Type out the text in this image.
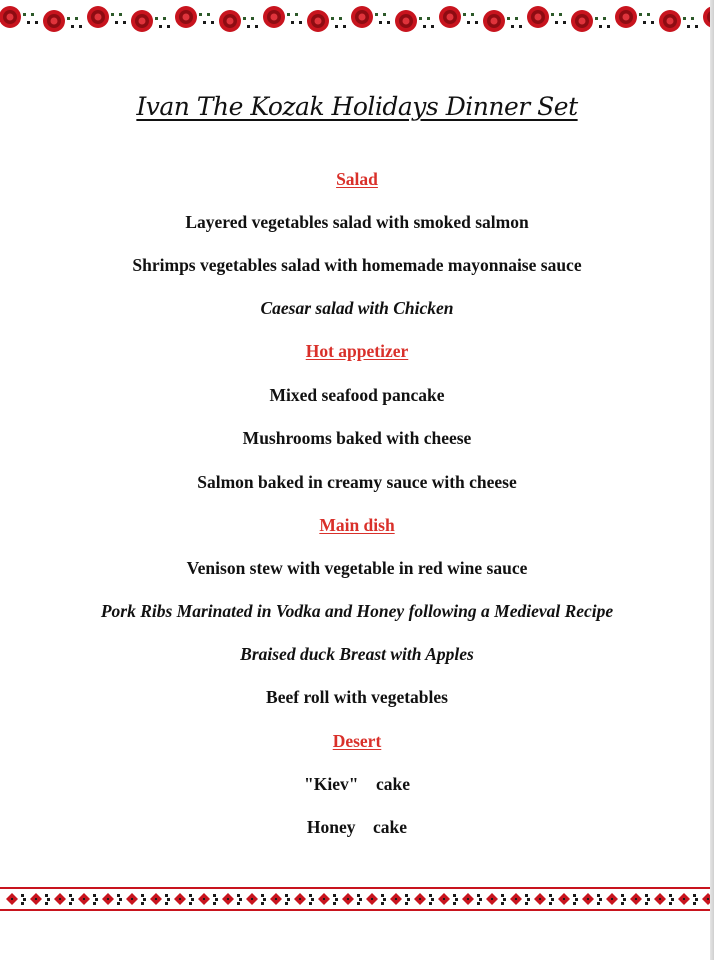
Ivan The Kozak Holidays Dinner Set
Salad
Layered vegetables salad with smoked salmon
Shrimps vegetables salad with homemade mayonnaise sauce
Caesar salad with Chicken
Hot appetizer
Mixed seafood pancake
Mushrooms baked with cheese
Salmon baked in creamy sauce with cheese
Main dish
Venison stew with vegetable in red wine sauce
Pork Ribs Marinated in Vodka and Honey following a Medieval Recipe
Braised duck Breast with Apples
Beef roll with vegetables
Desert
"Kiev"    cake
Honey    cake
